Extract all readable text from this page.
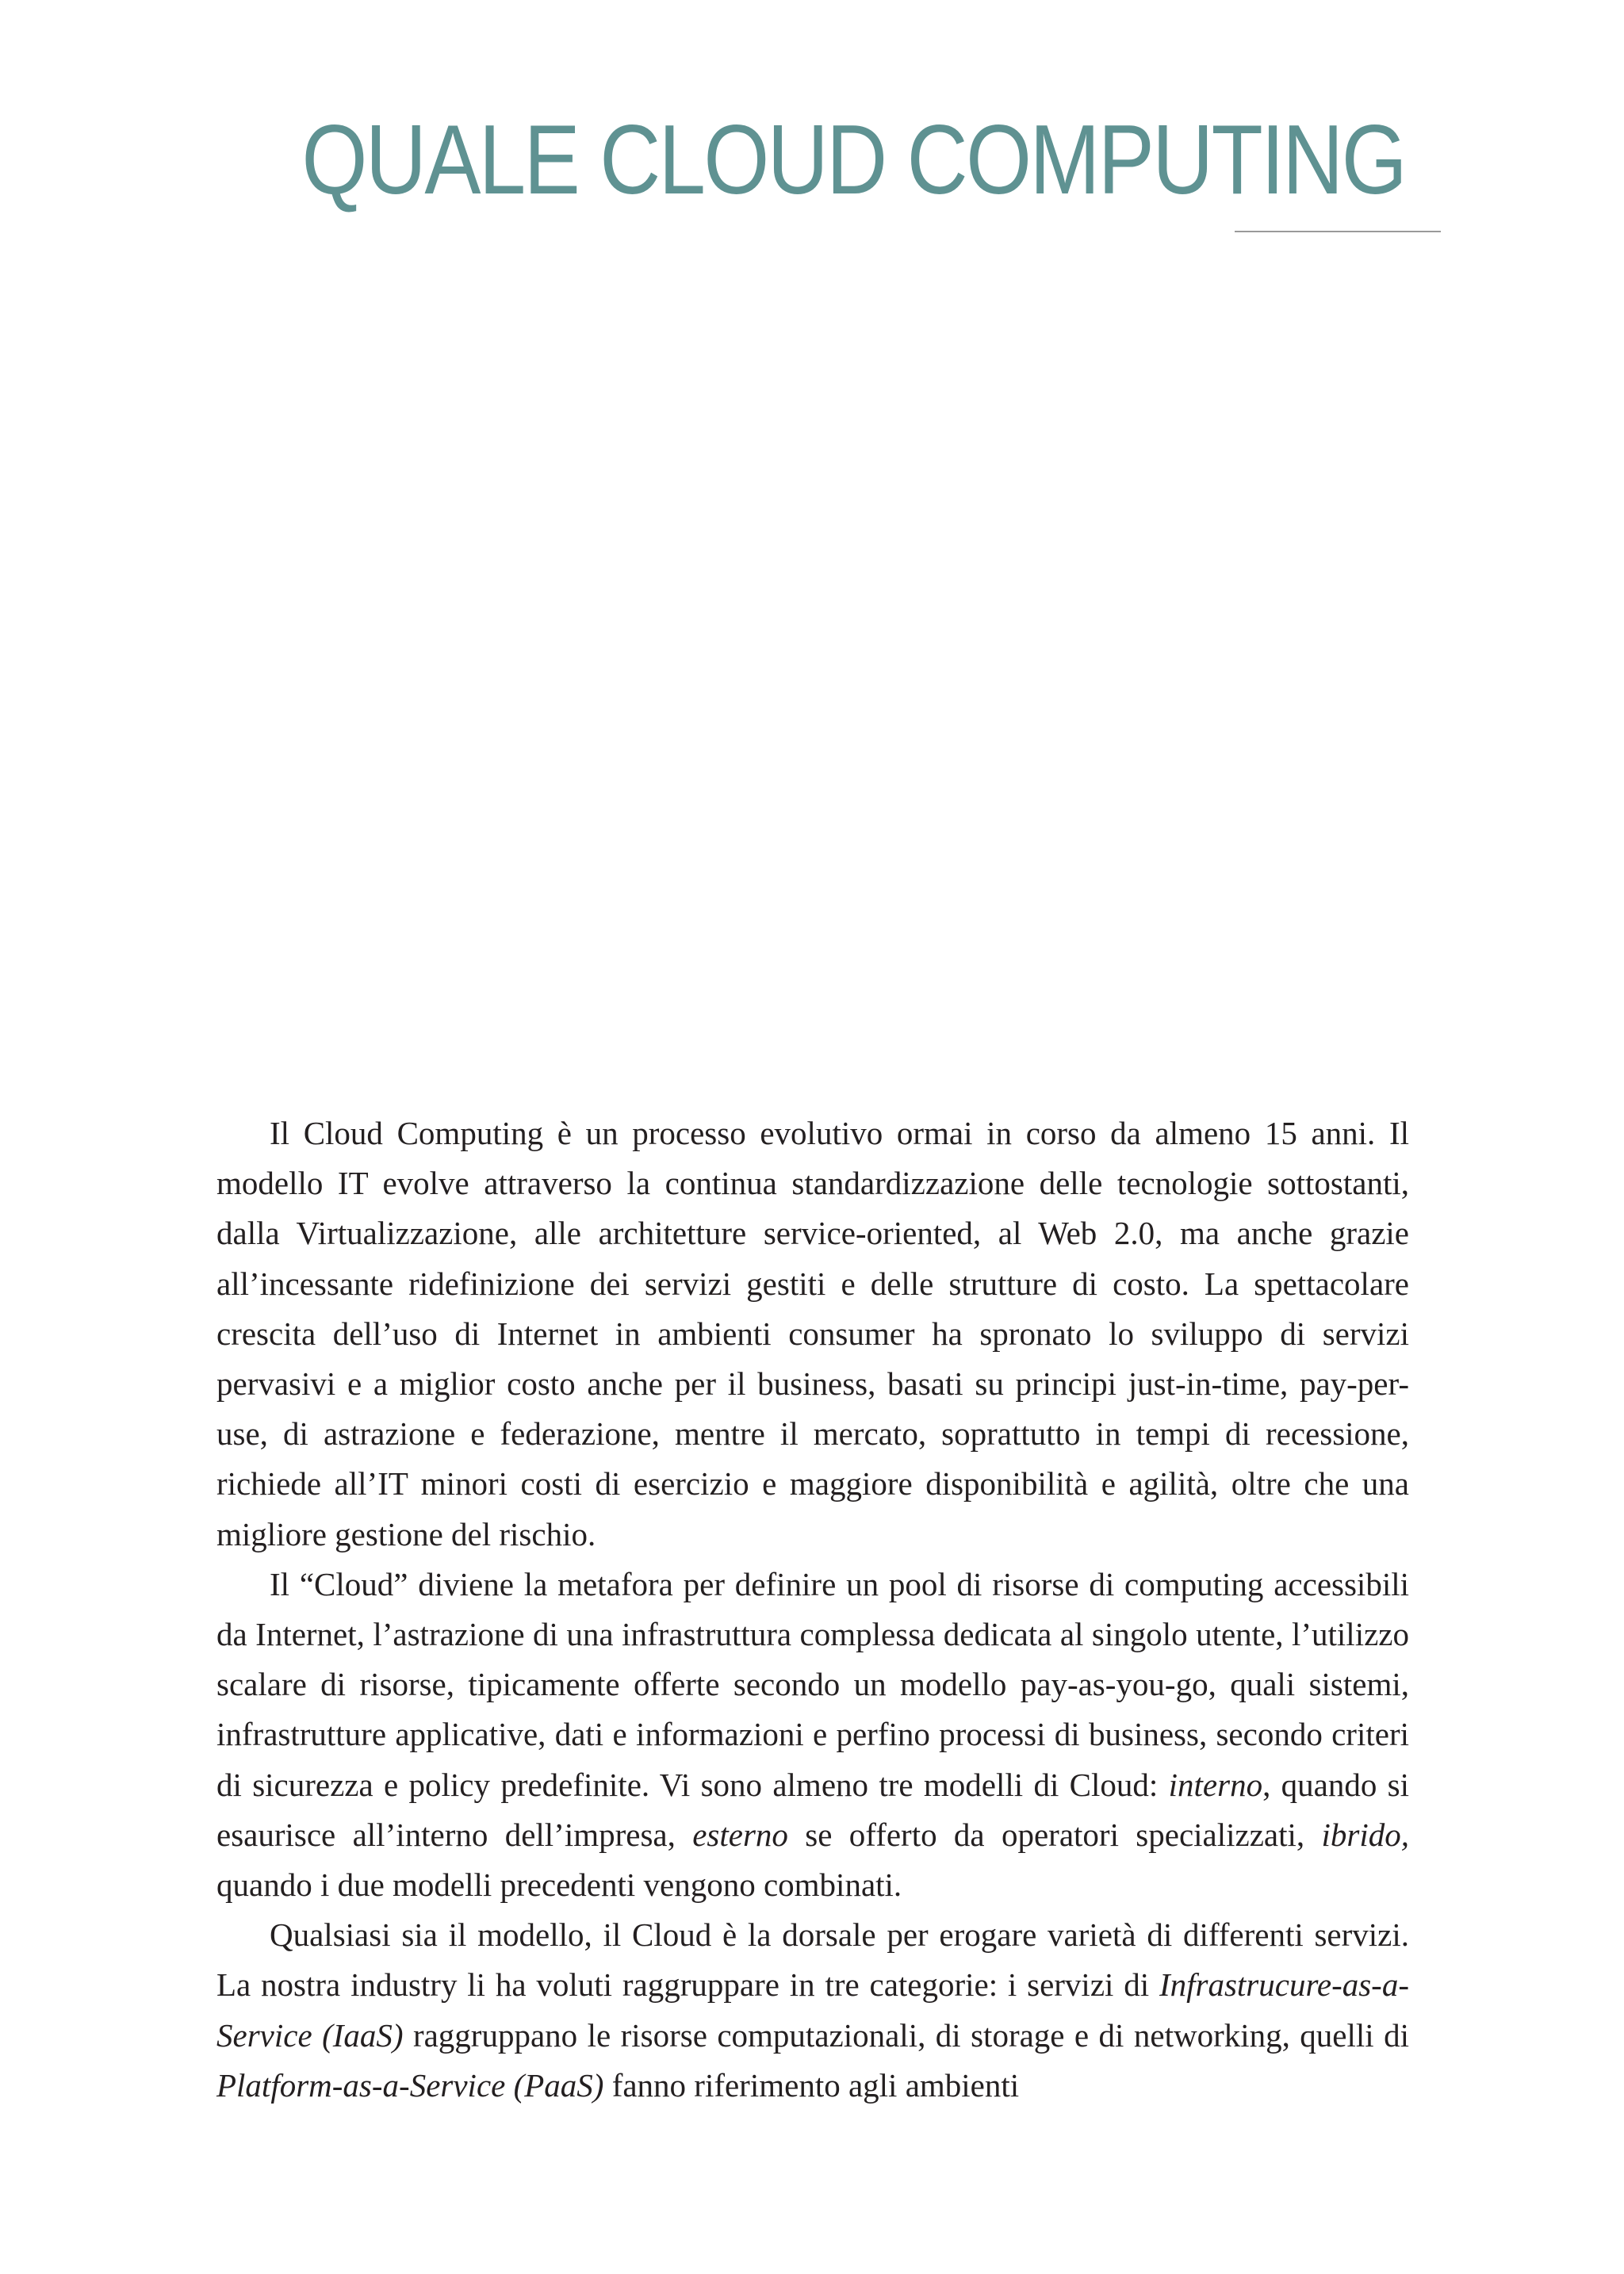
QUALE CLOUD COMPUTING

Il Cloud Computing è un processo evolutivo ormai in corso da almeno 15 anni. Il modello IT evolve attraverso la continua standardizzazione delle tecnologie sottostanti, dalla Virtualizzazione, alle architetture service-oriented, al Web 2.0, ma anche grazie all’incessante ridefinizione dei servizi gestiti e delle strutture di costo. La spettacolare crescita dell’uso di Internet in ambienti consumer ha spronato lo sviluppo di servizi pervasivi e a miglior costo anche per il business, basati su principi just-in-time, pay-per-use, di astrazione e federazione, mentre il mercato, soprattutto in tempi di recessione, richiede all’IT minori costi di esercizio e maggiore disponibilità e agilità, oltre che una migliore gestione del rischio.

Il “Cloud” diviene la metafora per definire un pool di risorse di computing accessibili da Internet, l’astrazione di una infrastruttura complessa dedicata al singolo utente, l’utilizzo scalare di risorse, tipicamente offerte secondo un modello pay-as-you-go, quali sistemi, infrastrutture applicative, dati e informazioni e perfino processi di business, secondo criteri di sicurezza e policy predefinite. Vi sono almeno tre modelli di Cloud: interno, quando si esaurisce all’interno dell’impresa, esterno se offerto da operatori specializzati, ibrido, quando i due modelli precedenti vengono combinati.

Qualsiasi sia il modello, il Cloud è la dorsale per erogare varietà di differenti servizi. La nostra industry li ha voluti raggruppare in tre categorie: i servizi di Infrastrucure-as-a-Service (IaaS) raggruppano le risorse computazionali, di storage e di networking, quelli di Platform-as-a-Service (PaaS) fanno riferimento agli ambienti
